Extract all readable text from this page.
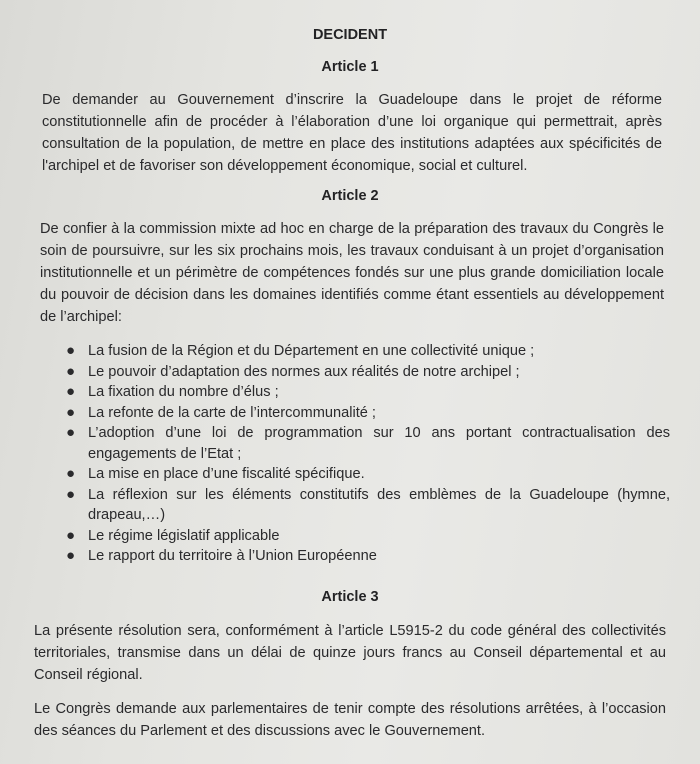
DECIDENT
Article 1
De demander au Gouvernement d’inscrire la Guadeloupe dans le projet de réforme constitutionnelle afin de procéder à l’élaboration d’une loi organique qui permettrait, après consultation de la population, de mettre en place des institutions adaptées aux spécificités de l'archipel et de favoriser son développement économique, social et culturel.
Article 2
De confier à la commission mixte ad hoc en charge de la préparation des travaux du Congrès le soin de poursuivre, sur les six prochains mois, les travaux conduisant à un projet d’organisation institutionnelle et un périmètre de compétences fondés sur une plus grande domiciliation locale du pouvoir de décision dans les domaines identifiés comme étant essentiels au développement de l’archipel:
● La fusion de la Région et du Département en une collectivité unique ;
● Le pouvoir d’adaptation des normes aux réalités de notre archipel ;
● La fixation du nombre d’élus ;
● La refonte de la carte de l’intercommunalité ;
● L’adoption d’une loi de programmation sur 10 ans portant contractualisation des engagements de l’Etat ;
● La mise en place d’une fiscalité spécifique.
● La réflexion sur les éléments constitutifs des emblèmes de la Guadeloupe (hymne, drapeau,…)
● Le régime législatif applicable
● Le rapport du territoire à l’Union Européenne
Article 3
La présente résolution sera, conformément à l’article L5915-2 du code général des collectivités territoriales, transmise dans un délai de quinze jours francs au Conseil départemental et au Conseil régional.
Le Congrès demande aux parlementaires de tenir compte des résolutions arrêtées, à l’occasion des séances du Parlement et des discussions avec le Gouvernement.
